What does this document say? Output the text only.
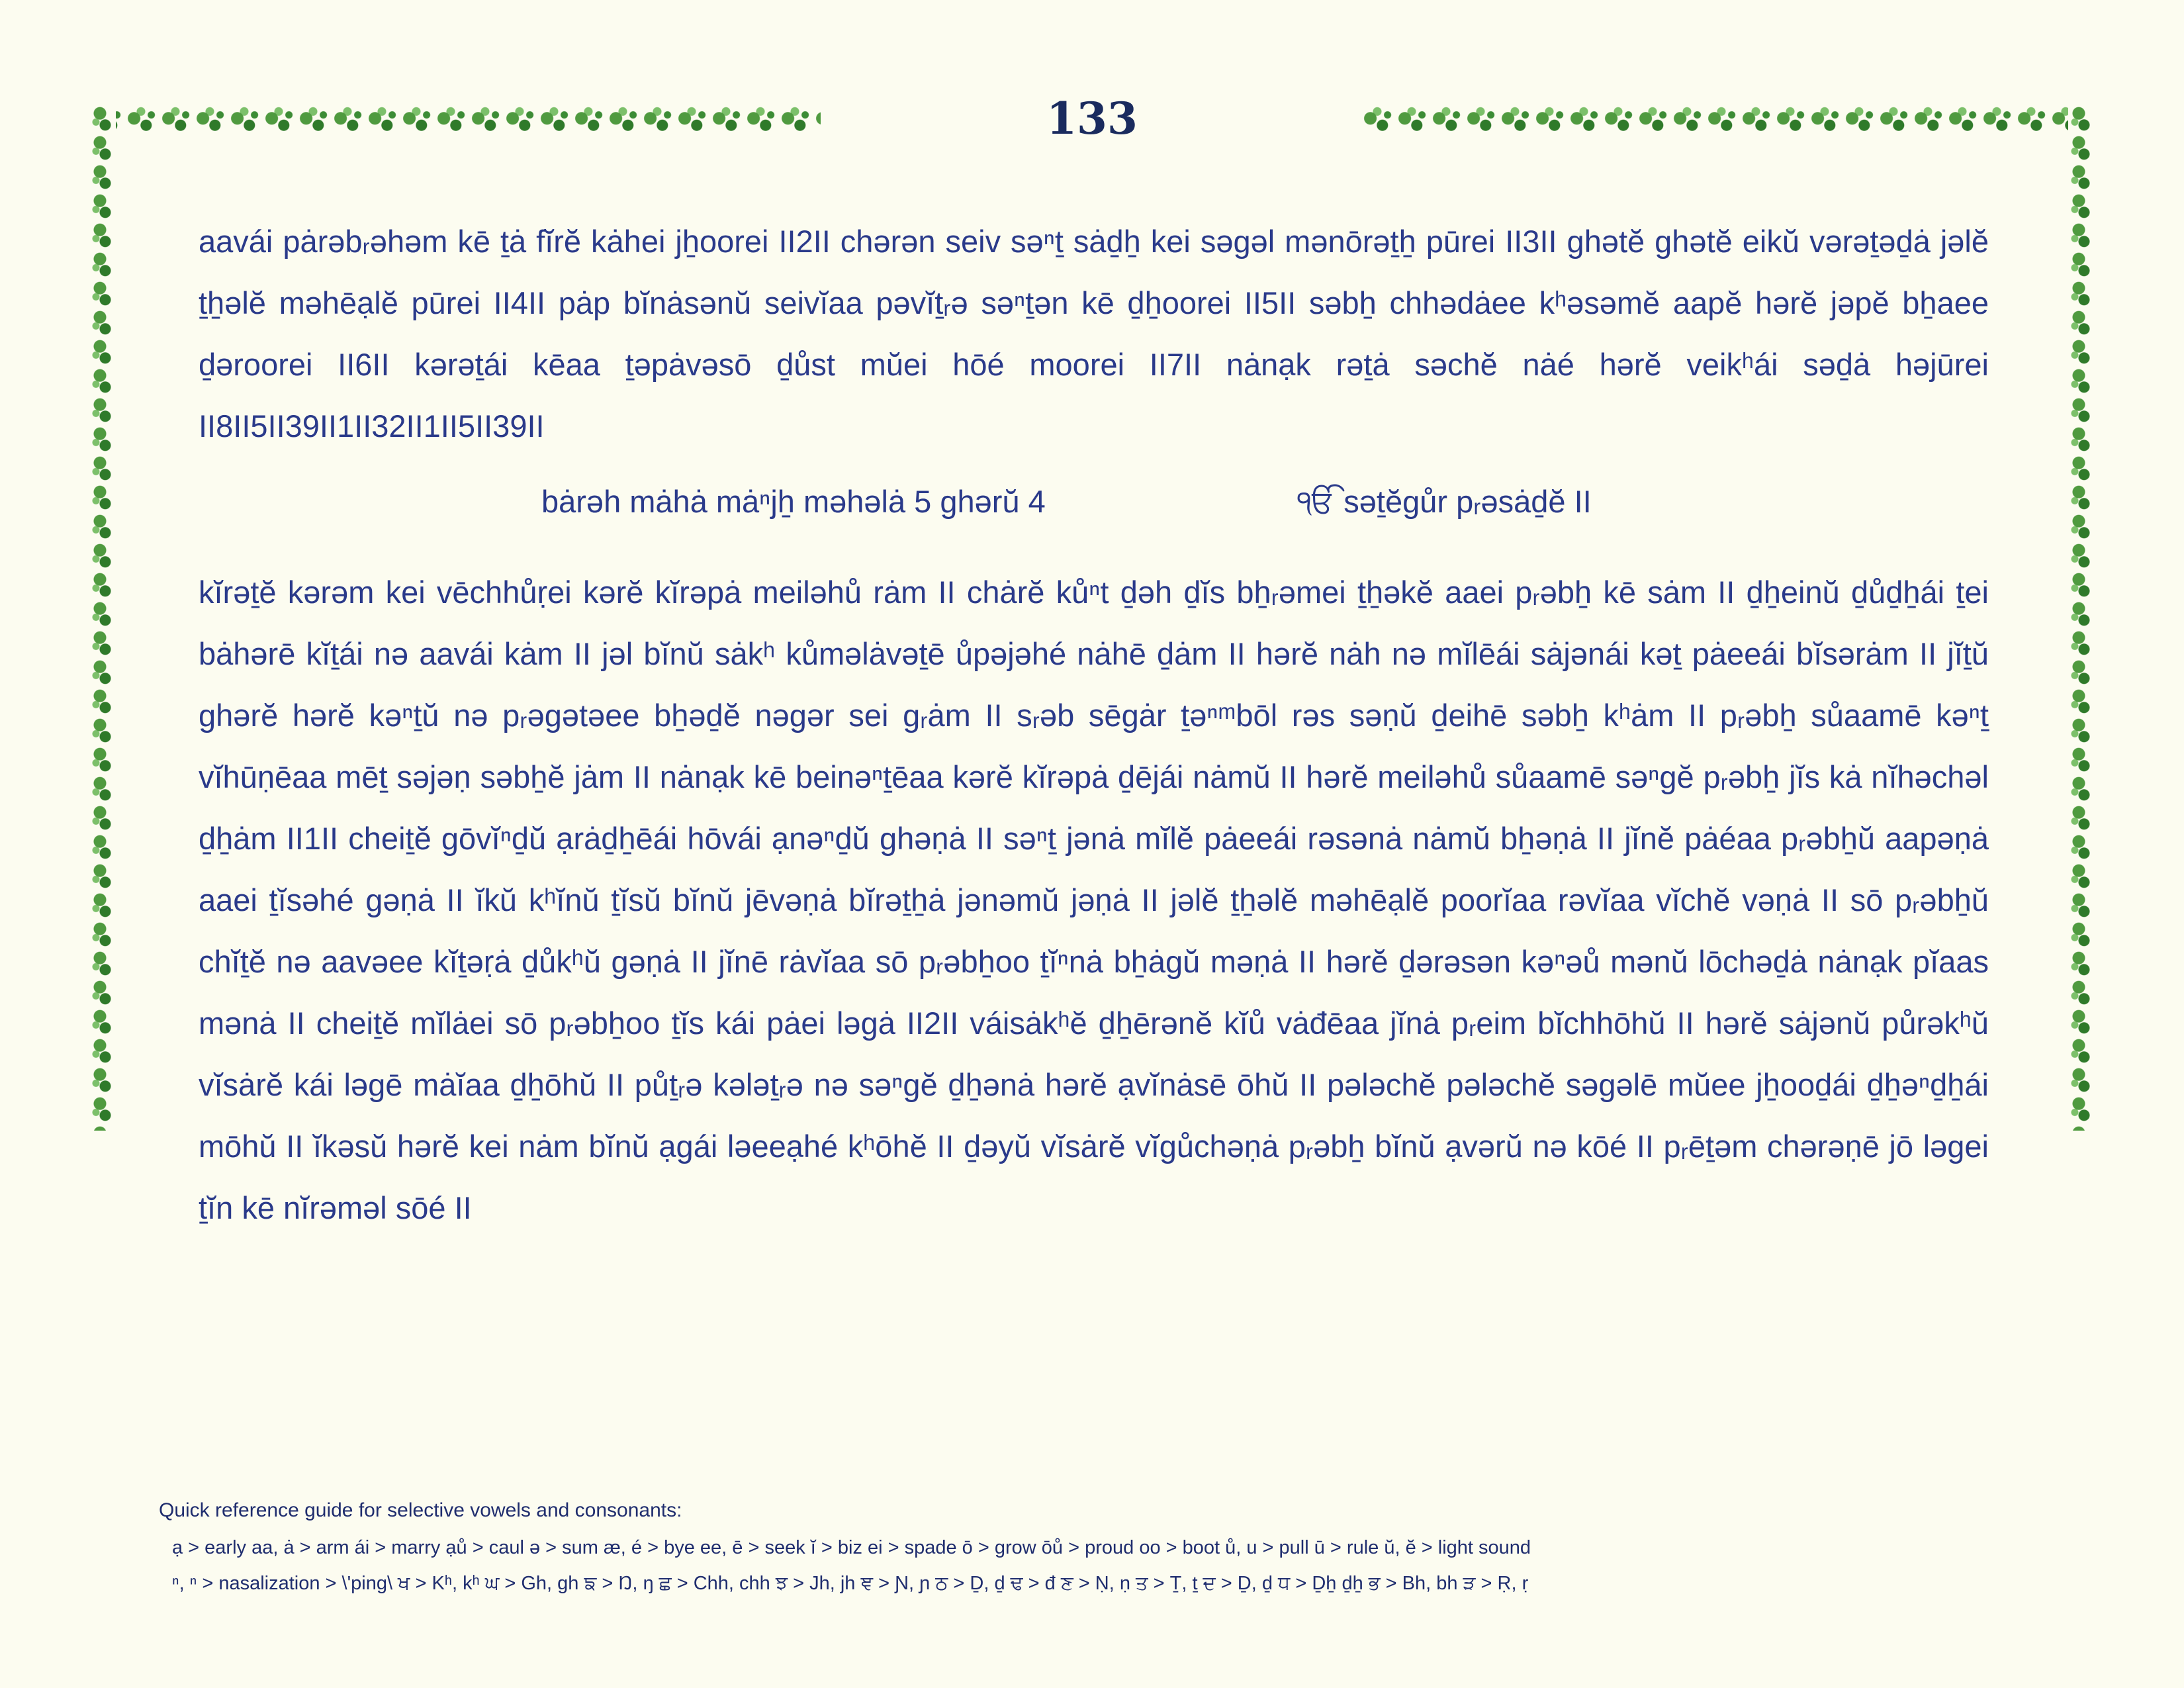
133
aavái pȧrəbᵣəhəm kē ṯȧ fĭrĕ kȧhei jẖoorei II2II chərən seiv səⁿṯ sȧḏẖ kei səgəl mənōrəṯẖ pūrei II3II ghətĕ ghətĕ eikŭ vərəṯəḏȧ jəlĕ ṯẖəlĕ məhēạlĕ pūrei II4II pȧp bĭnȧsənŭ seivĭaa pəvĭṯᵣə səⁿṯən kē ḏẖoorei II5II səbẖ chhədȧee kʰəsəmĕ aapĕ hərĕ jəpĕ bẖaee ḏəroorei II6II kərəṯái kēaa ṯəpȧvəsō ḏůst mŭei hōé moorei II7II nȧnạk rəṯȧ səchĕ nȧé hərĕ veikʰái səḏȧ həjūrei II8II5II39II1II32II1II5II39II
bȧrəh mȧhȧ mȧⁿjẖ məhəlȧ 5 ghərŭ 4	ੴ səṯĕgůr pᵣəsȧḏĕ II
kĭrəṯĕ kərəm kei vēchhůṛei kərĕ kĭrəpȧ meiləhů rȧm II chȧrĕ kůⁿt ḏəh ḏĭs bẖᵣəmei ṯẖəkĕ aaei pᵣəbẖ kē sȧm II ḏẖeinŭ ḏůḏẖái ṯei bȧhərē kĭṯái nə aavái kȧm II jəl bĭnŭ sȧkʰ kůməlȧvəṯē ůpəjəhé nȧhē ḏȧm II hərĕ nȧh nə mĭlēái sȧjənái kəṯ pȧeeái bĭsərȧm II jĭṯŭ ghərĕ hərĕ kəⁿṯŭ nə pᵣəgətəee bẖəḏĕ nəgər sei gᵣȧm II sᵣəb sēgȧr ṯəⁿᵐbōl rəs səṇŭ ḏeihē səbẖ kʰȧm II pᵣəbẖ sůaamē kəⁿṯ vĭhūṇēaa mēṯ səjəṇ səbẖĕ jȧm II nȧnạk kē beinəⁿṯēaa kərĕ kĭrəpȧ ḏējái nȧmŭ II hərĕ meiləhů sůaamē səⁿgĕ pᵣəbẖ jĭs kȧ nĭhəchəl ḏẖȧm II1II cheiṯĕ gōvĭⁿḏŭ ạrȧḏẖēái hōvái ạnəⁿḏŭ ghəṇȧ II səⁿṯ jənȧ mĭlĕ pȧeeái rəsənȧ nȧmŭ bẖəṇȧ II jĭnĕ pȧéaa pᵣəbẖŭ aapəṇȧ aaei ṯĭsəhé gəṇȧ II ĭkŭ kʰĭnŭ ṯĭsŭ bĭnŭ jēvəṇȧ bĭrəṯẖȧ jənəmŭ jəṇȧ II jəlĕ ṯẖəlĕ məhēạlĕ poorĭaa rəvĭaa vĭchĕ vəṇȧ II sō pᵣəbẖŭ chĭṯĕ nə aavəee kĭṯəṛȧ ḏůkʰŭ gəṇȧ II jĭnē rȧvĭaa sō pᵣəbẖoo ṯĭⁿnȧ bẖȧgŭ məṇȧ II hərĕ ḏərəsən kəⁿəů mənŭ lōchəḏȧ nȧnạk pĭaas mənȧ II cheiṯĕ mĭlȧei sō pᵣəbẖoo ṯĭs kái pȧei ləgȧ II2II váisȧkʰĕ ḏẖērənĕ kĭů vȧđēaa jĭnȧ pᵣeim bĭchhōhŭ II hərĕ sȧjənŭ půrəkʰŭ vĭsȧrĕ kái ləgē mȧĭaa ḏẖōhŭ II půṯᵣə kələṯᵣə nə səⁿgĕ ḏẖənȧ hərĕ ạvĭnȧsē ōhŭ II pələchĕ pələchĕ səgəlē mŭee jẖooḏái ḏẖəⁿḏẖái mōhŭ II ĭkəsŭ hərĕ kei nȧm bĭnŭ ạgái ləeeạhé kʰōhĕ II ḏəyŭ vĭsȧrĕ vĭgůchəṇȧ pᵣəbẖ bĭnŭ ạvərŭ nə kōé II pᵣēṯəm chərəṇē jō ləgei ṯĭn kē nĭrəməl sōé II
Quick reference guide for selective vowels and consonants:
ạ > early aa, ȧ > arm ái > marry ạů > caul ə > sum æ, é > bye ee, ē > seek ĭ > biz ei > spade ō > grow ōů > proud oo > boot ů, u > pull ū > rule ŭ, ĕ > light sound
ⁿ, ⁿ > nasalization > \'ping\ ਖ > Kʰ, kʰ ਘ > Gh, gh ਙ > Ŋ, ŋ ਛ > Chh, chh ਝ > Jh, jh ਞ > Ɲ, ɲ ਠ > Ḏ, ḏ ਢ > đ ਣ > Ṇ, ṇ ਤ > Ṯ, ṯ ਦ > Ḏ, ḏ ਧ > Ḏẖ ḏẖ ਭ > Bh, bh ੜ > Ṛ, ṛ
